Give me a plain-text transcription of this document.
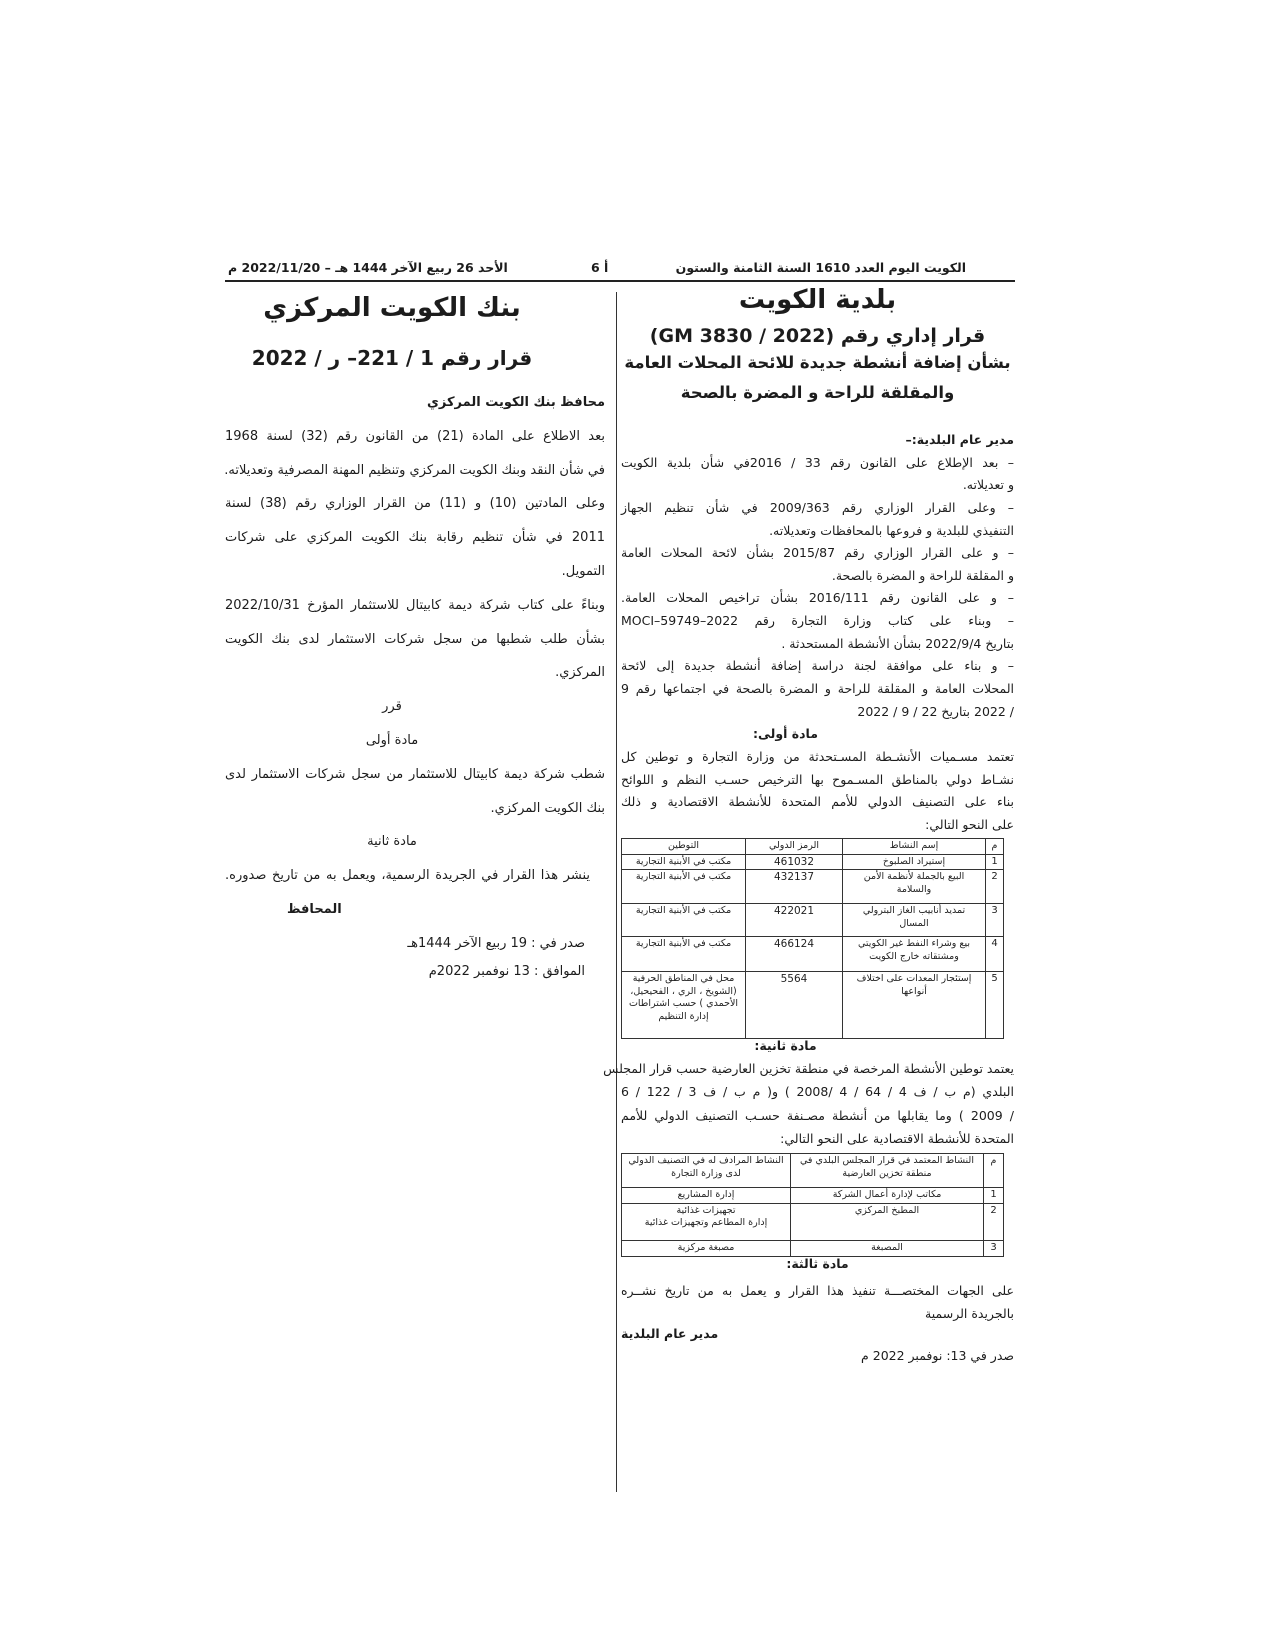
الكويت اليوم العدد 1610 السنة الثامنة والستون
أ 6
الأحد 26 ربيع الآخر 1444 هـ – 2022/11/20 م
بلدية الكويت
قرار إداري رقم (GM 3830 / 2022)
بشأن إضافة أنشطة جديدة للائحة المحلات العامة
والمقلقة للراحة و المضرة بالصحة
مدير عام البلدية:–
– بعد الإطلاع على القانون رقم 33 / 2016في شأن بلدية الكويت
و تعديلاته.
– وعلى القرار الوزاري رقم 2009/363 في شأن تنظيم الجهاز
التنفيذي للبلدية و فروعها بالمحافظات وتعديلاته.
– و على القرار الوزاري رقم 2015/87 بشأن لائحة المحلات العامة
و المقلقة للراحة و المضرة بالصحة.
– و على القانون رقم 2016/111 بشأن تراخيص المحلات العامة.
– وبناء على كتاب وزارة التجارة رقم MOCI–59749–2022
بتاريخ 2022/9/4 بشأن الأنشطة المستحدثة .
– و بناء على موافقة لجنة دراسة إضافة أنشطة جديدة إلى لائحة
المحلات العامة و المقلقة للراحة و المضرة بالصحة في اجتماعها رقم 9
/ 2022 بتاريخ 22 / 9 / 2022
مادة أولى:
تعتمد مسـميات الأنشـطة المسـتحدثة من وزارة التجارة و توطين كل
نشـاط دولي بالمناطق المسـموح بها الترخيص حسـب النظم و اللوائح
بناء على التصنيف الدولي للأمم المتحدة للأنشطة الاقتصادية و ذلك
على النحو التالي:
م	إسم النشاط	الرمز الدولي	التوطين
1	إستيراد الصلبوخ	461032	مكتب في الأبنية التجارية
2	البيع بالجملة لأنظمة الأمن والسلامة	432137	مكتب في الأبنية التجارية
3	تمديد أنابيب الغاز البترولي المسال	422021	مكتب في الأبنية التجارية
4	بيع وشراء النفط غير الكويتي ومشتقاته خارج الكويت	466124	مكتب في الأبنية التجارية
5	إستئجار المعدات على اختلاف أنواعها	5564	محل في المناطق الحرفية (الشويخ ، الري ، الفحيحيل، الأحمدي ) حسب اشتراطات إدارة التنظيم
مادة ثانية:
يعتمد توطين الأنشطة المرخصة في منطقة تخزين العارضية حسب قرار المجلس
البلدي (م ب / ف 4 / 64 / 4 /2008 ) و( م ب / ف 3 / 122 / 6
/ 2009 ) وما يقابلها من أنشطة مصـنفة حسـب التصنيف الدولي للأمم
المتحدة للأنشطة الاقتصادية على النحو التالي:
م	النشاط المعتمد في قرار المجلس البلدي في منطقة تخزين العارضية	النشاط المرادف له في التصنيف الدولي لدى وزارة التجارة
1	مكاتب لإدارة أعمال الشركة	إدارة المشاريع

2	المطبخ المركزي	تجهيزات غذائية
إدارة المطاعم وتجهيزات غذائية

3	المصبغة	مصبغة مركزية
مادة ثالثة:
على الجهات المختصـــة تنفيذ هذا القرار و يعمل به من تاريخ نشــره
بالجريدة الرسمية
مدير عام البلدية
صدر في 13: نوفمبر 2022 م
بنك الكويت المركزي
قرار رقم 1 / 221– ر / 2022
محافظ بنك الكويت المركزي
بعد الاطلاع على المادة (21) من القانون رقم (32) لسنة 1968
في شأن النقد وبنك الكويت المركزي وتنظيم المهنة المصرفية وتعديلاته.
وعلى المادتين (10) و (11) من القرار الوزاري رقم (38) لسنة
2011 في شأن تنظيم رقابة بنك الكويت المركزي على شركات
التمويل.
وبناءً على كتاب شركة ديمة كابيتال للاستثمار المؤرخ 2022/10/31
بشأن طلب شطبها من سجل شركات الاستثمار لدى بنك الكويت
المركزي.
قرر
مادة أولى
شطب شركة ديمة كابيتال للاستثمار من سجل شركات الاستثمار لدى
بنك الكويت المركزي.
مادة ثانية
ينشر هذا القرار في الجريدة الرسمية، ويعمل به من تاريخ صدوره.
المحافظ
صدر في : 19 ربيع الآخر 1444هـ
الموافق : 13 نوفمبر 2022م
